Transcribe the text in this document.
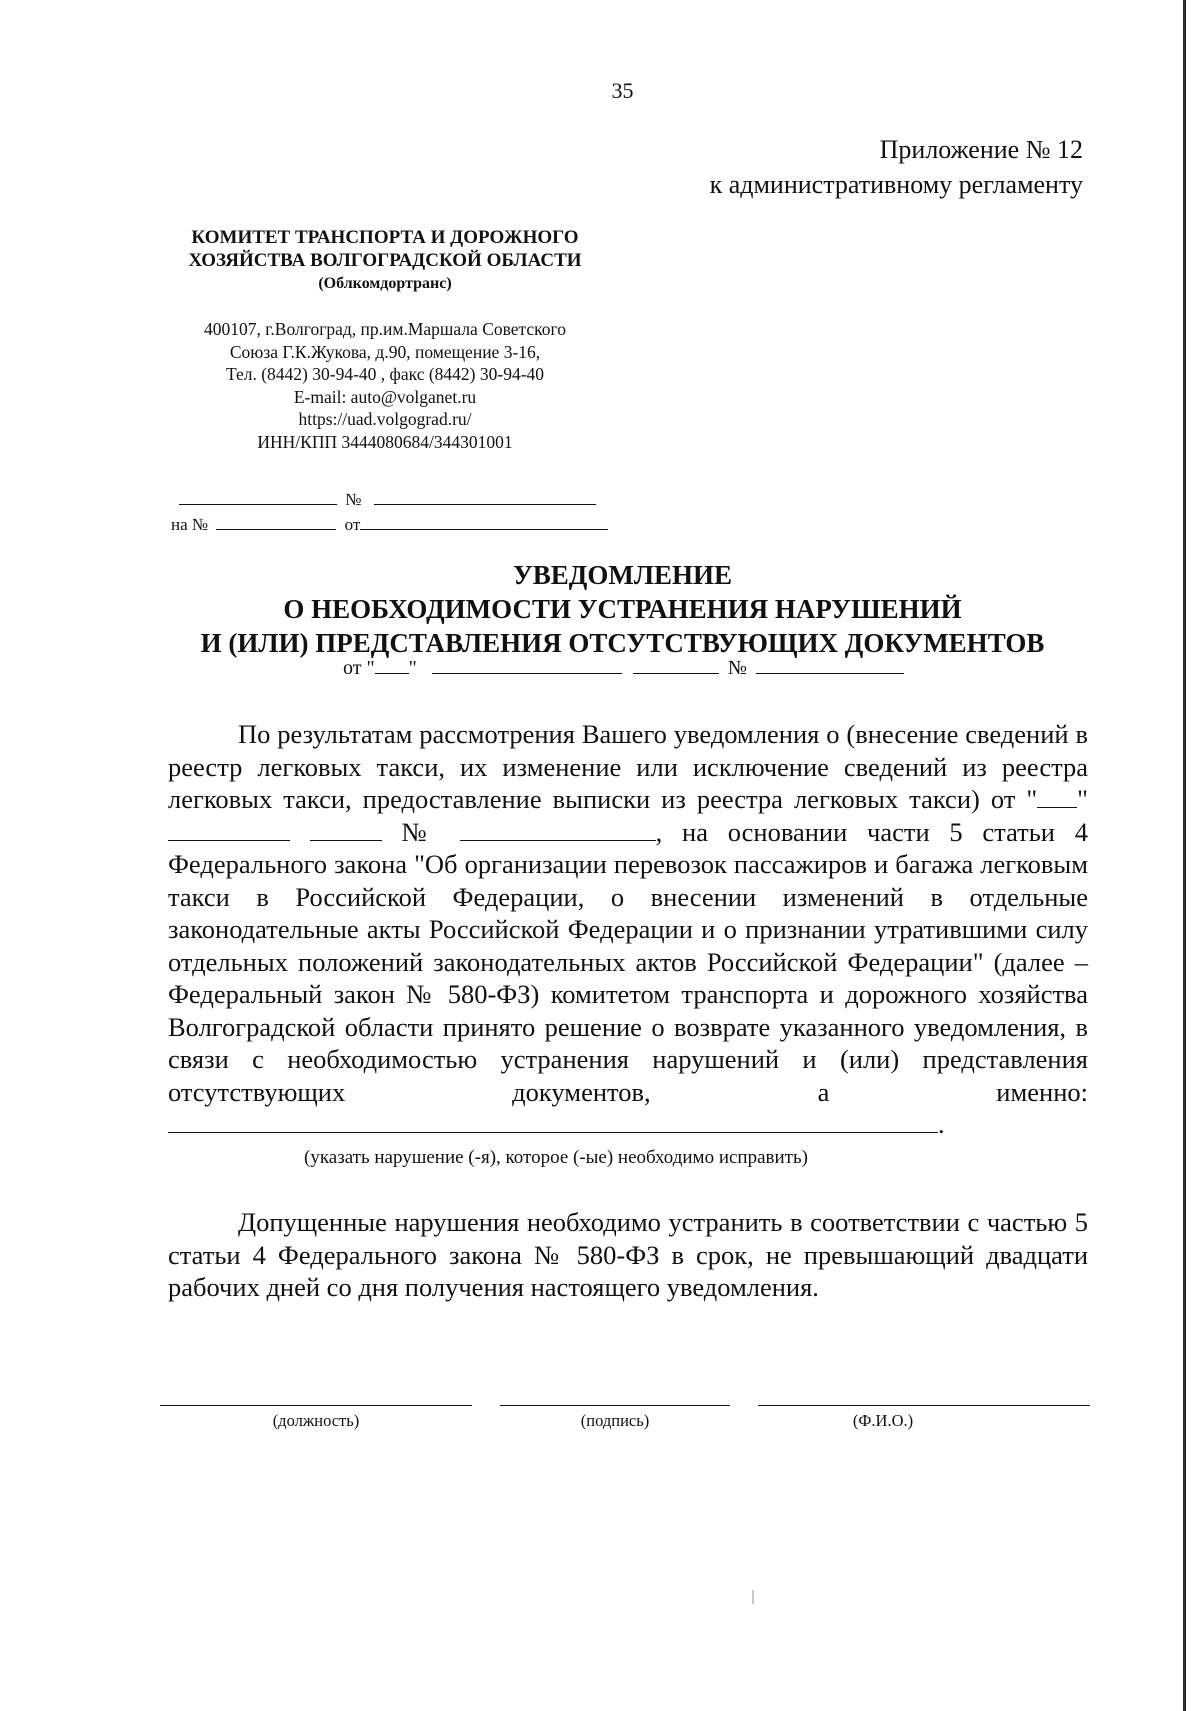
35
Приложение № 12
к административному регламенту
КОМИТЕТ ТРАНСПОРТА И ДОРОЖНОГО
ХОЗЯЙСТВА ВОЛГОГРАДСКОЙ ОБЛАСТИ
(Облкомдортранс)
400107, г.Волгоград, пр.им.Маршала Советского
Союза Г.К.Жукова, д.90, помещение 3-16,
Тел. (8442) 30-94-40 , факс (8442) 30-94-40
E-mail: auto@volganet.ru
https://uad.volgograd.ru/
ИНН/КПП 3444080684/344301001
№
на №	от
УВЕДОМЛЕНИЕ
О НЕОБХОДИМОСТИ УСТРАНЕНИЯ НАРУШЕНИЙ
И (ИЛИ) ПРЕДСТАВЛЕНИЯ ОТСУТСТВУЮЩИХ ДОКУМЕНТОВ
от " "	№
По результатам рассмотрения Вашего уведомления о (внесение сведений в реестр легковых такси, их изменение или исключение сведений из реестра легковых такси, предоставление выписки из реестра легковых такси) от " "   №	, на основании части 5 статьи 4 Федерального закона "Об организации перевозок пассажиров и багажа легковым такси в Российской Федерации, о внесении изменений в отдельные законодательные акты Российской Федерации и о признании утратившими силу отдельных положений законодательных актов Российской Федерации" (далее – Федеральный закон № 580-ФЗ) комитетом транспорта и дорожного хозяйства Волгоградской области принято решение о возврате указанного уведомления, в связи с необходимостью устранения нарушений и (или) представления отсутствующих документов, а именно: .
(указать нарушение (-я), которое (-ые) необходимо исправить)
Допущенные нарушения необходимо устранить в соответствии с частью 5 статьи 4 Федерального закона № 580-ФЗ в срок, не превышающий двадцати рабочих дней со дня получения настоящего уведомления.
(должность)	(подпись)	(Ф.И.О.)
